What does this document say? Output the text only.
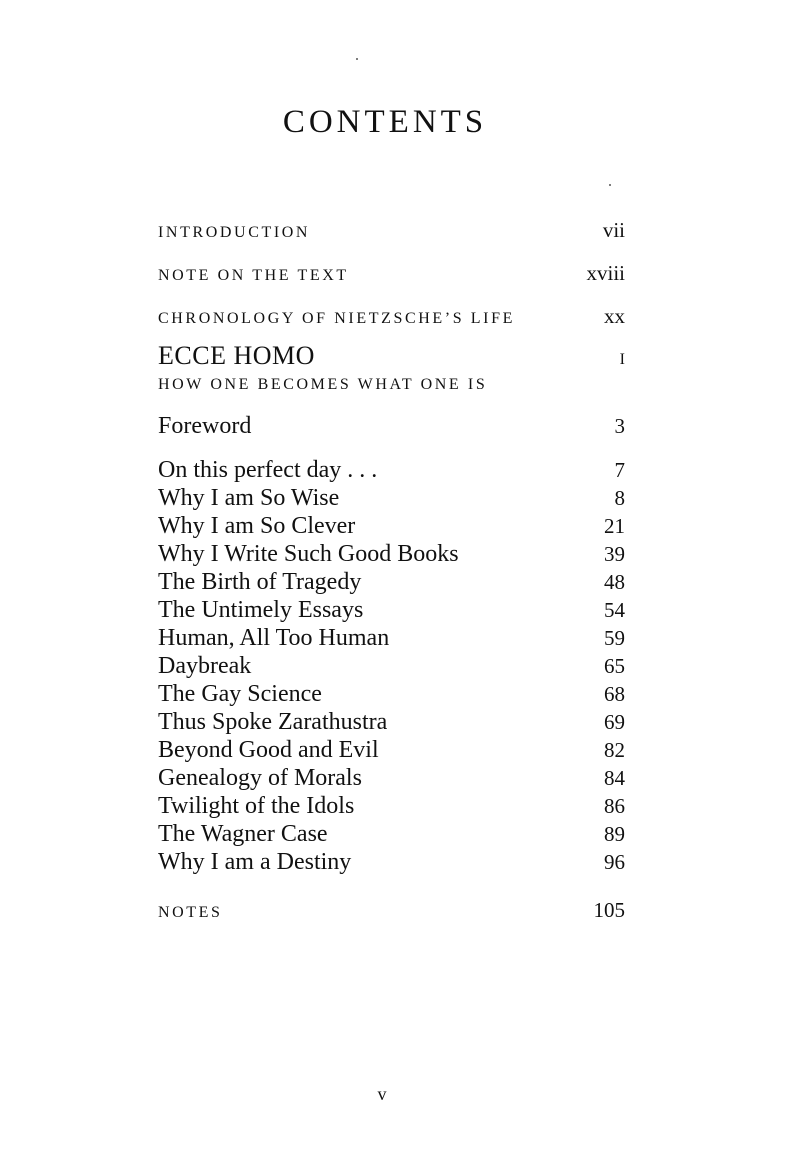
CONTENTS
INTRODUCTION	vii
NOTE ON THE TEXT	xviii
CHRONOLOGY OF NIETZSCHE’S LIFE	xx
ECCE HOMO	I
HOW ONE BECOMES WHAT ONE IS
Foreword	3
On this perfect day . . .	7
Why I am So Wise	8
Why I am So Clever	21
Why I Write Such Good Books	39
The Birth of Tragedy	48
The Untimely Essays	54
Human, All Too Human	59
Daybreak	65
The Gay Science	68
Thus Spoke Zarathustra	69
Beyond Good and Evil	82
Genealogy of Morals	84
Twilight of the Idols	86
The Wagner Case	89
Why I am a Destiny	96
NOTES	105
v
